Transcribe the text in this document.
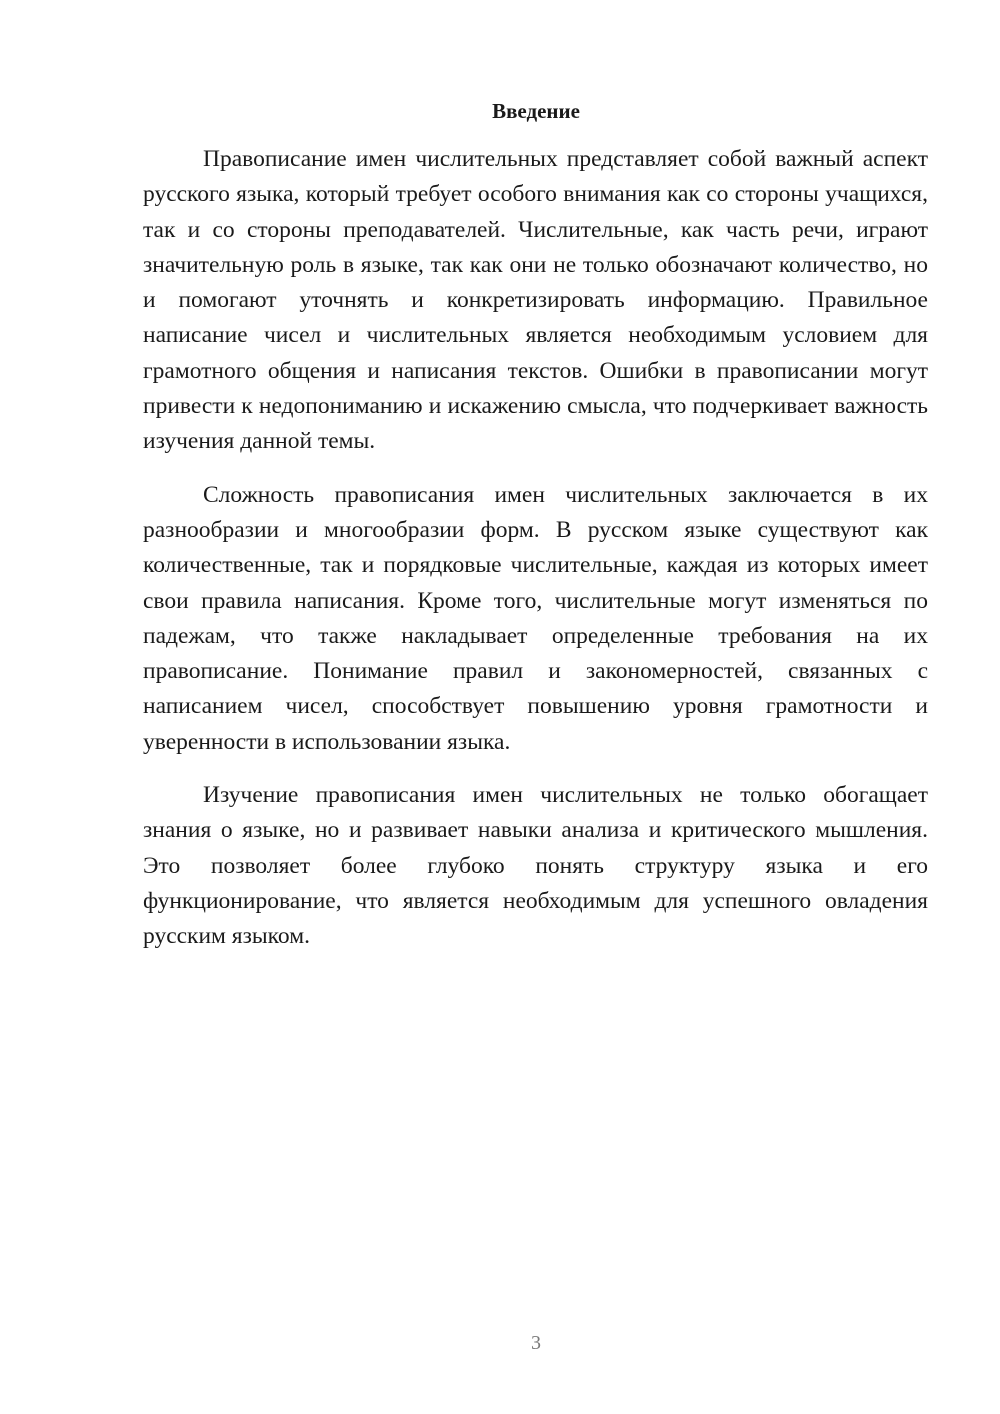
Введение

Правописание имен числительных представляет собой важный аспект русского языка, который требует особого внимания как со стороны учащихся, так и со стороны преподавателей. Числительные, как часть речи, играют значительную роль в языке, так как они не только обозначают количество, но и помогают уточнять и конкретизировать информацию. Правильное написание чисел и числительных является необходимым условием для грамотного общения и написания текстов. Ошибки в правописании могут привести к недопониманию и искажению смысла, что подчеркивает важность изучения данной темы.

Сложность правописания имен числительных заключается в их разнообразии и многообразии форм. В русском языке существуют как количественные, так и порядковые числительные, каждая из которых имеет свои правила написания. Кроме того, числительные могут изменяться по падежам, что также накладывает определенные требования на их правописание. Понимание правил и закономерностей, связанных с написанием чисел, способствует повышению уровня грамотности и уверенности в использовании языка.

Изучение правописания имен числительных не только обогащает знания о языке, но и развивает навыки анализа и критического мышления. Это позволяет более глубоко понять структуру языка и его функционирование, что является необходимым для успешного овладения русским языком.

3
